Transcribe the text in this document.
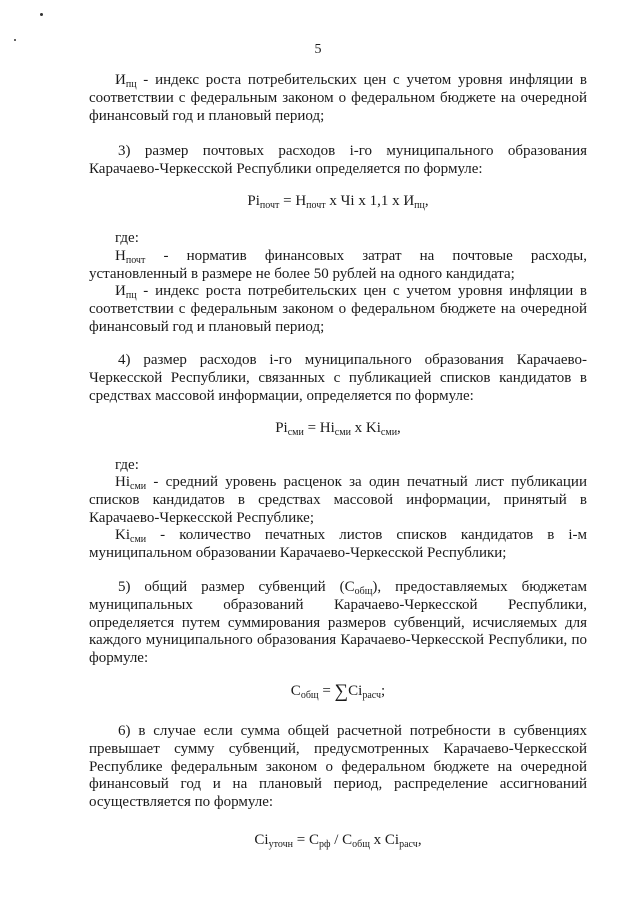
5

$И_{пц}$ - индекс роста потребительских цен с учетом уровня инфляции в

соответствии с федеральным законом о федеральном бюджете на очередной

финансовый год и плановый период;

3) размер почтовых расходов i-го муниципального образования

Карачаево-Черкесской Республики определяется по формуле:

$Pi_{почт} = Н_{почт}$ х Чi х 1,1 х $И_{пц}$,

где:

$Н_{почт}$ - норматив финансовых затрат на почтовые расходы,

установленный в размере не более 50 рублей на одного кандидата;

$И_{пц}$ - индекс роста потребительских цен с учетом уровня инфляции в

соответствии с федеральным законом о федеральном бюджете на очередной

финансовый год и плановый период;

4) размер расходов i-го муниципального образования Карачаево-

Черкесской Республики, связанных с публикацией списков кандидатов в

средствах массовой информации, определяется по формуле:

$Pi_{сми} = Hi_{сми}$ х $Ki_{сми}$,

где:

$Hi_{сми}$ - средний уровень расценок за один печатный лист публикации

списков кандидатов в средствах массовой информации, принятый в

Карачаево-Черкесской Республике;

$Ki_{сми}$ - количество печатных листов списков кандидатов в i-м

муниципальном образовании Карачаево-Черкесской Республики;

5) общий размер субвенций $(С_{общ})$, предоставляемых бюджетам

муниципальных образований Карачаево-Черкесской Республики,

определяется путем суммирования размеров субвенций, исчисляемых для

каждого муниципального образования Карачаево-Черкесской Республики, по

формуле:

$С_{общ} = \sum Ci_{расч}$;

6) в случае если сумма общей расчетной потребности в субвенциях

превышает сумму субвенций, предусмотренных Карачаево-Черкесской

Республике федеральным законом о федеральном бюджете на очередной

финансовый год и на плановый период, распределение ассигнований

осуществляется по формуле:

$Ci_{уточн} = С_{рф} / С_{общ}$ х $Ci_{расч}$,
